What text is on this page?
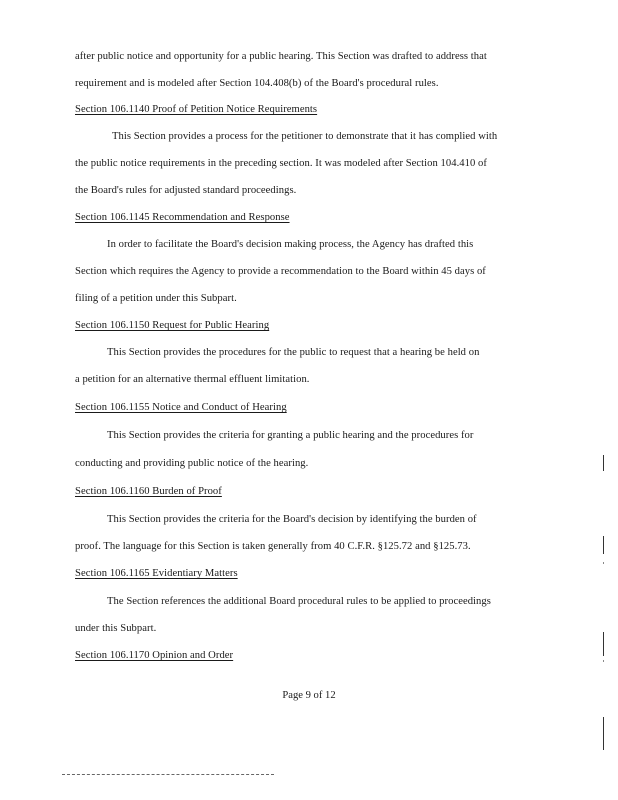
after public notice and opportunity for a public hearing. This Section was drafted to address that
requirement and is modeled after Section 104.408(b) of the Board's procedural rules.
Section 106.1140 Proof of Petition Notice Requirements
This Section provides a process for the petitioner to demonstrate that it has complied with
the public notice requirements in the preceding section. It was modeled after Section 104.410 of
the Board's rules for adjusted standard proceedings.
Section 106.1145 Recommendation and Response
In order to facilitate the Board's decision making process, the Agency has drafted this
Section which requires the Agency to provide a recommendation to the Board within 45 days of
filing of a petition under this Subpart.
Section 106.1150 Request for Public Hearing
This Section provides the procedures for the public to request that a hearing be held on
a petition for an alternative thermal effluent limitation.
Section 106.1155 Notice and Conduct of Hearing
This Section provides the criteria for granting a public hearing and the procedures for
conducting and providing public notice of the hearing.
Section 106.1160 Burden of Proof
This Section provides the criteria for the Board's decision by identifying the burden of
proof. The language for this Section is taken generally from 40 C.F.R. §125.72 and §125.73.
Section 106.1165 Evidentiary Matters
The Section references the additional Board procedural rules to be applied to proceedings
under this Subpart.
Section 106.1170 Opinion and Order
Page 9 of 12
